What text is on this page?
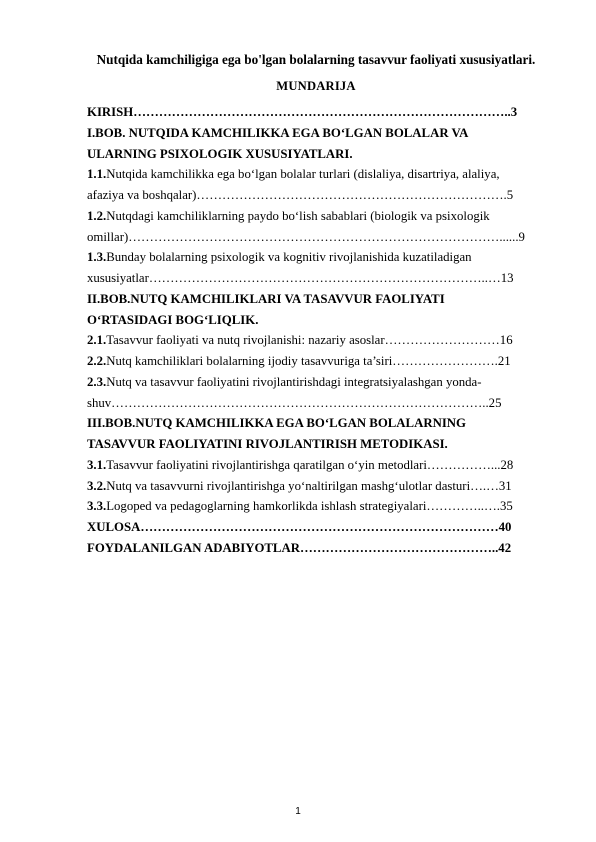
Nutqida kamchiligiga ega bo'lgan bolalarning tasavvur faoliyati xususiyatlari.
MUNDARIJA
KIRISH……………………………………………………………………………..3
I.BOB. NUTQIDA KAMCHILIKKA EGA BO‘LGAN BOLALAR VA
ULARNING PSIXOLOGIK XUSUSIYATLARI.
1.1.Nutqida kamchilikka ega bo‘lgan bolalar turlari (dislaliya, disartriya, alaliya,
afaziya va boshqalar)……………………………………………………………….5
1.2.Nutqdagi kamchiliklarning paydo bo‘lish sabablari (biologik va psixologik
omillar)……………………………………………………………………………......9
1.3.Bunday bolalarning psixologik va kognitiv rivojlanishida kuzatiladigan
xususiyatlar……………………………………………………………………..…13
II.BOB.NUTQ KAMCHILIKLARI VA TASAVVUR FAOLIYATI
O‘RTASIDAGI BOG‘LIQLIK.
2.1.Tasavvur faoliyati va nutq rivojlanishi: nazariy asoslar………………………16
2.2.Nutq kamchiliklari bolalarning ijodiy tasavvuriga ta’siri…………………….21
2.3.Nutq va tasavvur faoliyatini rivojlantirishdagi integratsiyalashgan yonda-
shuv……………………………………………………………………………..25
III.BOB.NUTQ KAMCHILIKKA EGA BO‘LGAN BOLALARNING
TASAVVUR FAOLIYATINI RIVOJLANTIRISH METODIKASI.
3.1.Tasavvur faoliyatini rivojlantirishga qaratilgan o‘yin metodlari……………...28
3.2.Nutq va tasavvurni rivojlantirishga yo‘naltirilgan mashg‘ulotlar dasturi….…31
3.3.Logoped va pedagoglarning hamkorlikda ishlash strategiyalari…………..….35
XULOSA…………………………………………………………………………40
FOYDALANILGAN ADABIYOTLAR………………………………………..42
1
